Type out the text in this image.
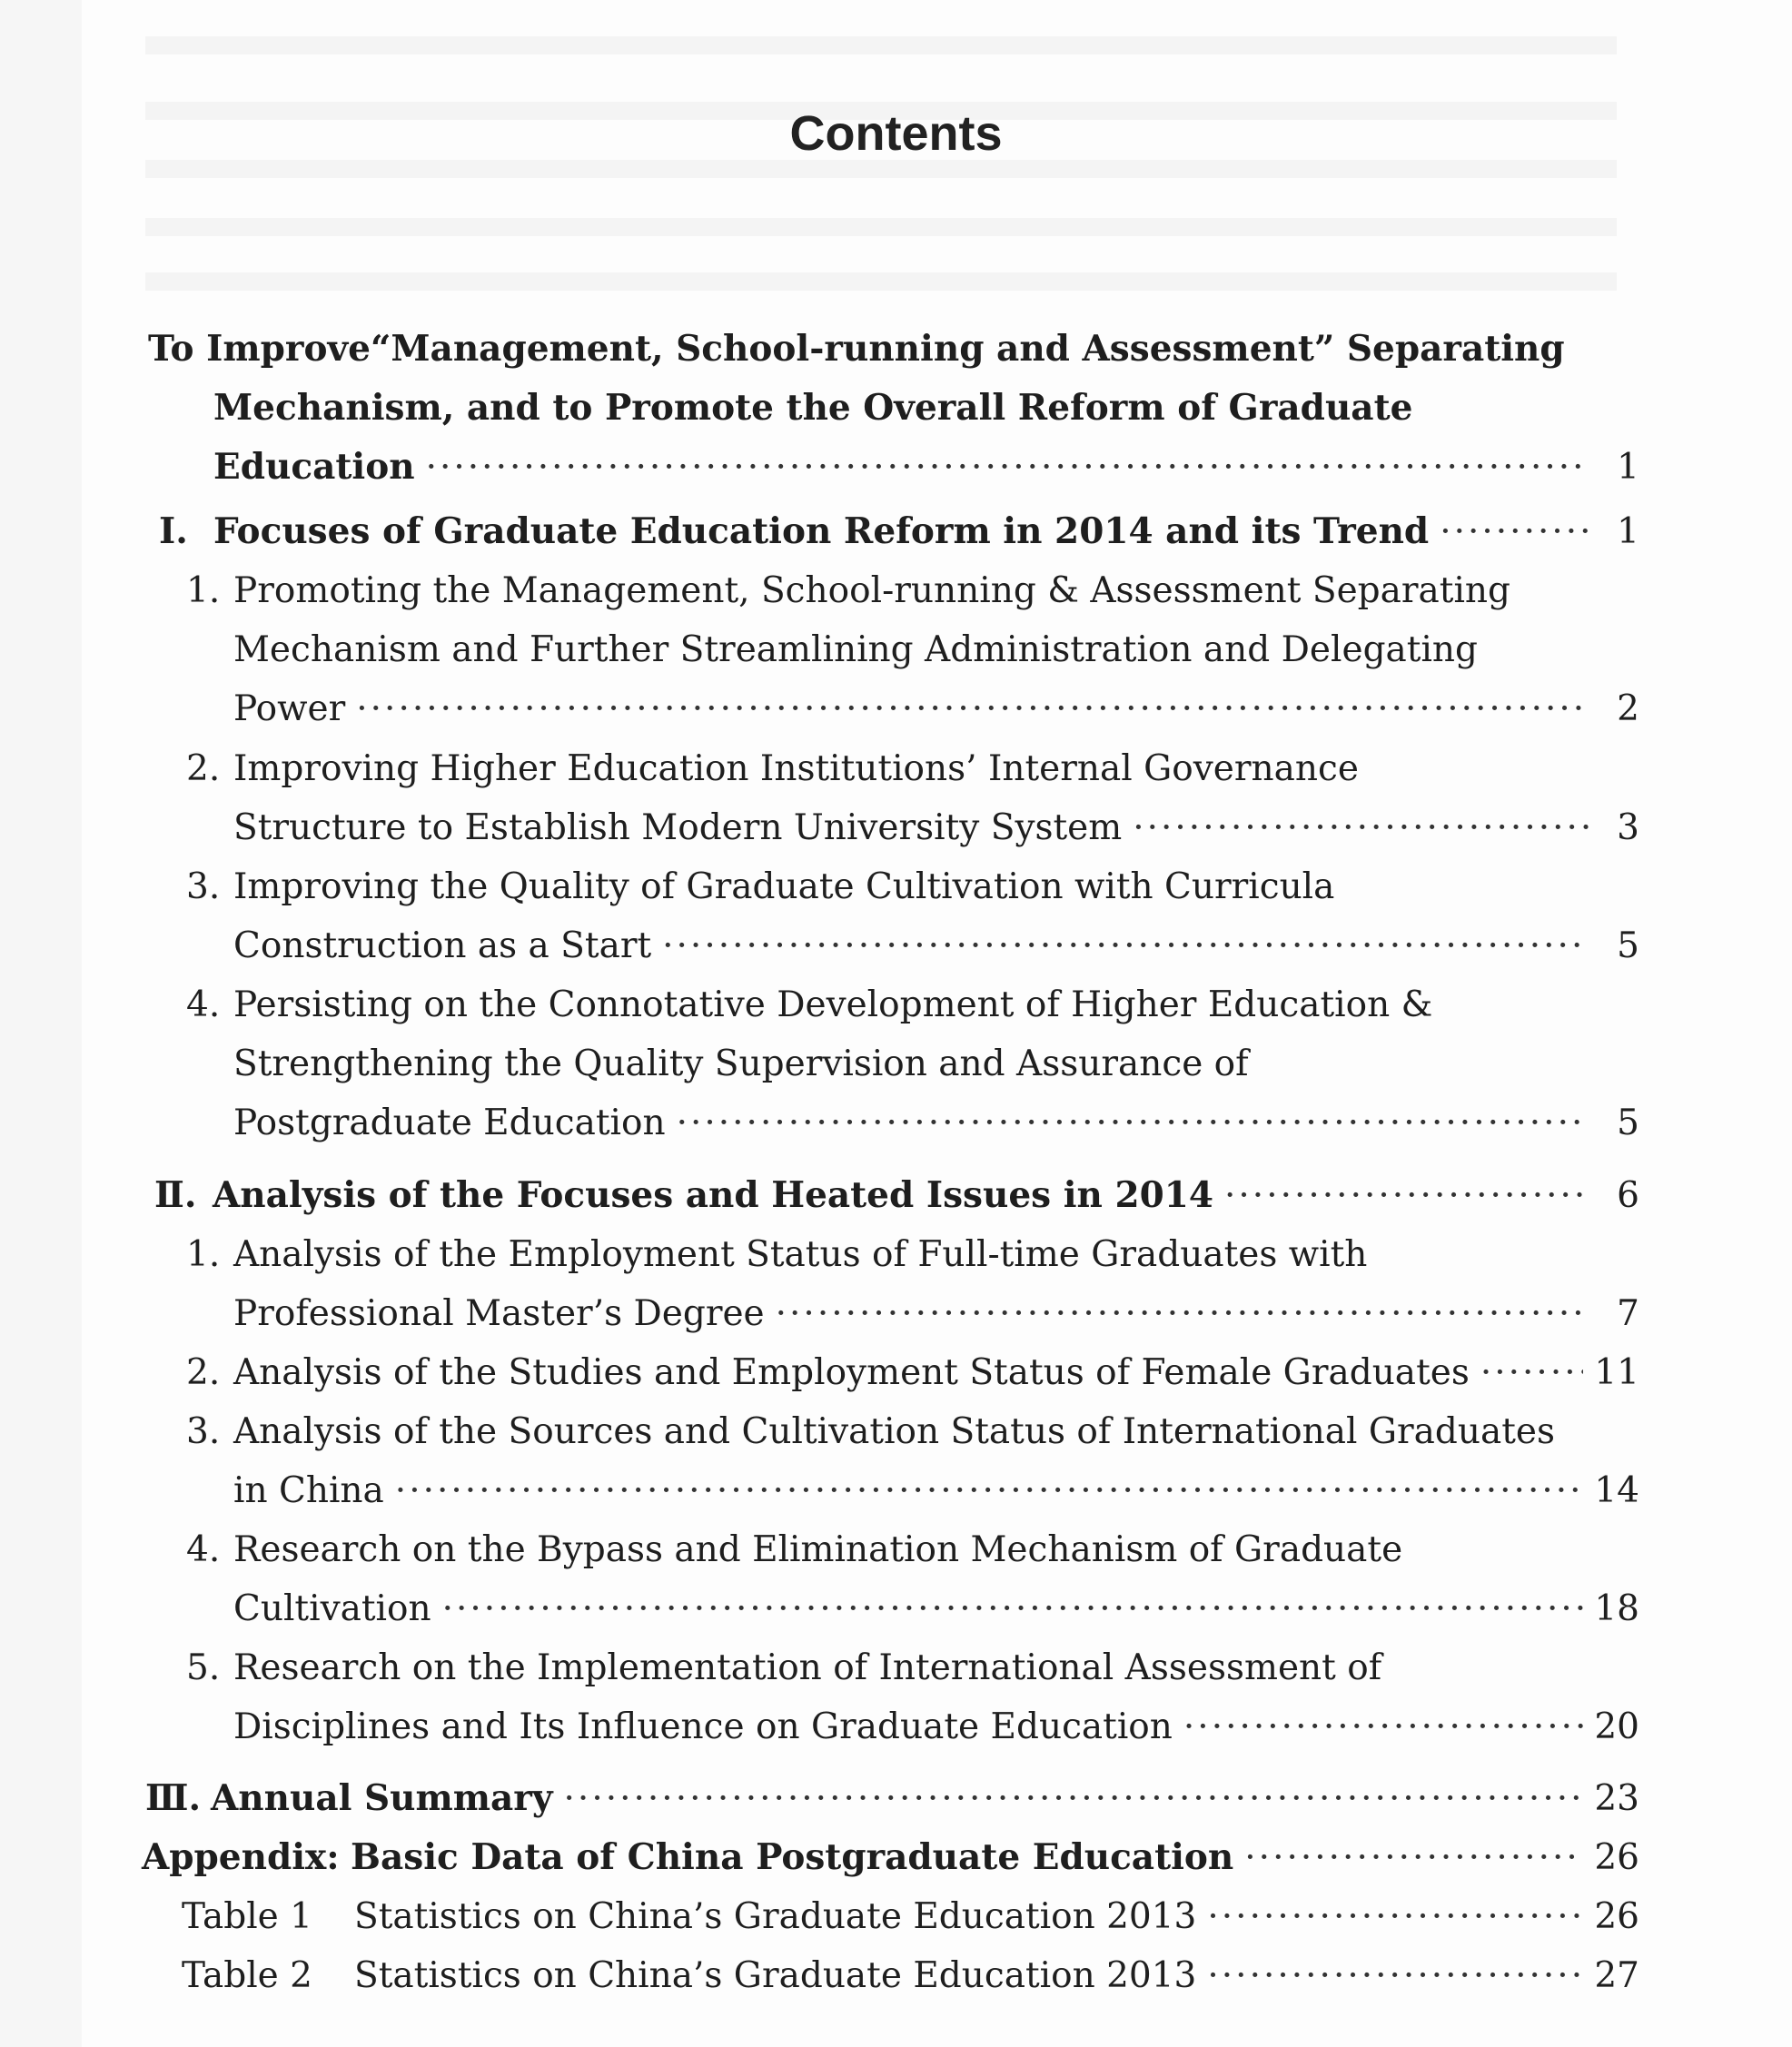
Contents
To Improve“Management, School-running and Assessment” Separating
Mechanism, and to Promote the Overall Reform of Graduate
Education ·····	1
Ⅰ. Focuses of Graduate Education Reform in 2014 and its Trend ·····	1
1. Promoting the Management, School-running & Assessment Separating
Mechanism and Further Streamlining Administration and Delegating
Power ·····	2
2. Improving Higher Education Institutions’ Internal Governance
Structure to Establish Modern University System ·····	3
3. Improving the Quality of Graduate Cultivation with Curricula
Construction as a Start ·····	5
4. Persisting on the Connotative Development of Higher Education &
Strengthening the Quality Supervision and Assurance of
Postgraduate Education ·····	5
Ⅱ. Analysis of the Focuses and Heated Issues in 2014 ·····	6
1. Analysis of the Employment Status of Full-time Graduates with
Professional Master’s Degree ·····	7
2. Analysis of the Studies and Employment Status of Female Graduates ·····	11
3. Analysis of the Sources and Cultivation Status of International Graduates
in China ·····	14
4. Research on the Bypass and Elimination Mechanism of Graduate
Cultivation ·····	18
5. Research on the Implementation of International Assessment of
Disciplines and Its Influence on Graduate Education ·····	20
Ⅲ. Annual Summary ·····	23
Appendix: Basic Data of China Postgraduate Education ·····	26
Table 1	Statistics on China’s Graduate Education 2013 ·····	26
Table 2	Statistics on China’s Graduate Education 2013 ·····	27
